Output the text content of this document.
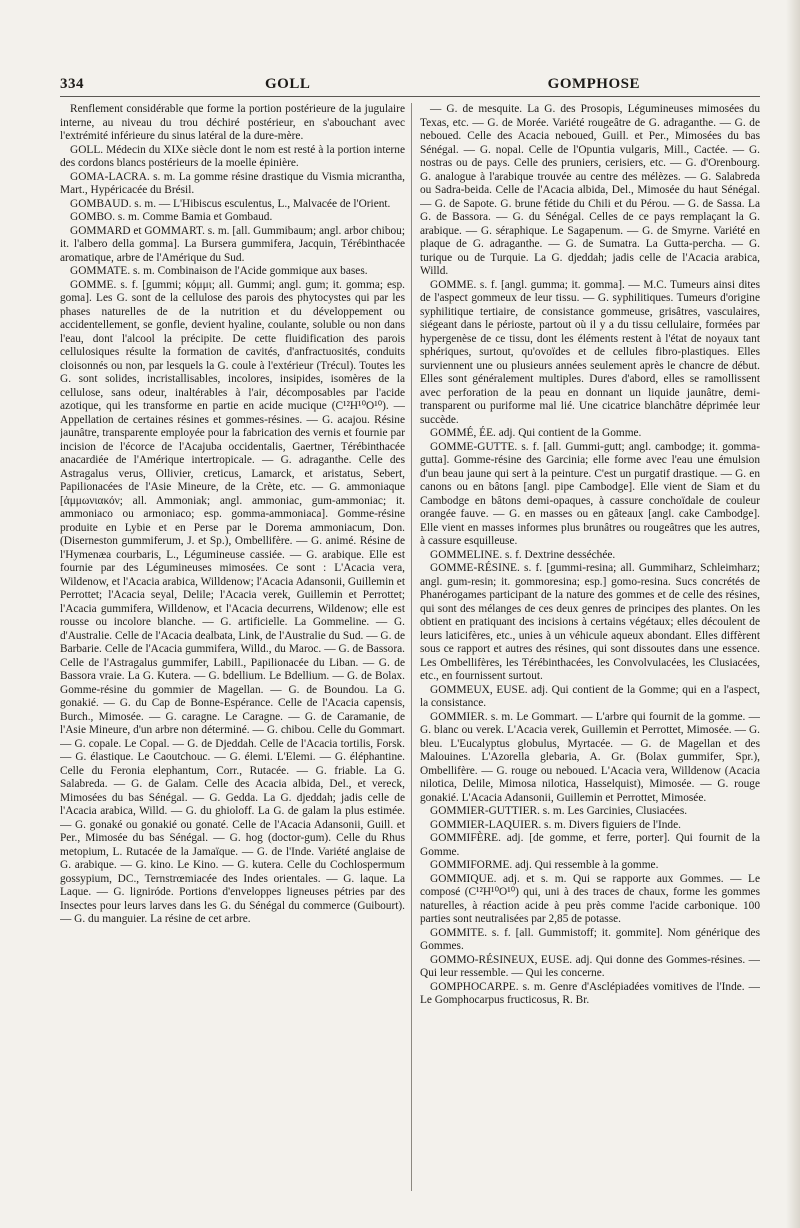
334	GOLL	GOMPHOSE

Renflement considérable que forme la portion postérieure de la jugulaire interne, au niveau du trou déchiré postérieur, en s'abouchant avec l'extrémité inférieure du sinus latéral de la dure-mère.

GOLL. Médecin du XIXe siècle dont le nom est resté à la portion interne des cordons blancs postérieurs de la moelle épinière.

GOMA-LACRA. s. m. La gomme résine drastique du Vismia micrantha, Mart., Hypéricacée du Brésil.

GOMBAUD. s. m. — L'Hibiscus esculentus, L., Malvacée de l'Orient.

GOMBO. s. m. Comme Bamia et Gombaud.

GOMMARD et GOMMART. s. m. [all. Gummibaum; angl. arbor chibou; it. l'albero della gomma]. La Bursera gummifera, Jacquin, Térébinthacée aromatique, arbre de l'Amérique du Sud.

GOMMATE. s. m. Combinaison de l'Acide gommique aux bases.

GOMME. s. f. [gummi; κόμμι; all. Gummi; angl. gum; it. gomma; esp. goma]. Les G. sont de la cellulose des parois des phytocystes qui par les phases naturelles de de la nutrition et du développement ou accidentellement, se gonfle, devient hyaline, coulante, soluble ou non dans l'eau, dont l'alcool la précipite. De cette fluidification des parois cellulosiques résulte la formation de cavités, d'anfractuosités, conduits cloisonnés ou non, par lesquels la G. coule à l'extérieur (Trécul). Toutes les G. sont solides, incristallisables, incolores, insipides, isomères de la cellulose, sans odeur, inaltérables à l'air, décomposables par l'acide azotique, qui les transforme en partie en acide mucique (C¹²H¹⁰O¹⁰). — Appellation de certaines résines et gommes-résines. — G. acajou. Résine jaunâtre, transparente employée pour la fabrication des vernis et fournie par incision de l'écorce de l'Acajuba occidentalis, Gaertner, Térébinthacée anacardiée de l'Amérique intertropicale. — G. adraganthe. Celle des Astragalus verus, Ollivier, creticus, Lamarck, et aristatus, Sebert, Papilionacées de l'Asie Mineure, de la Crète, etc. — G. ammoniaque [ἀμμωνιακόν; all. Ammoniak; angl. ammoniac, gum-ammoniac; it. ammoniaco ou armoniaco; esp. gomma-ammoniaca]. Gomme-résine produite en Lybie et en Perse par le Dorema ammoniacum, Don. (Diserneston gummiferum, J. et Sp.), Ombellifère. — G. animé. Résine de l'Hymenæa courbaris, L., Légumineuse cassiée. — G. arabique. Elle est fournie par des Légumineuses mimosées. Ce sont : L'Acacia vera, Wildenow, et l'Acacia arabica, Willdenow; l'Acacia Adansonii, Guillemin et Perrottet; l'Acacia seyal, Delile; l'Acacia verek, Guillemin et Perrottet; l'Acacia gummifera, Willdenow, et l'Acacia decurrens, Wildenow; elle est rousse ou incolore blanche. — G. artificielle. La Gommeline. — G. d'Australie. Celle de l'Acacia dealbata, Link, de l'Australie du Sud. — G. de Barbarie. Celle de l'Acacia gummifera, Willd., du Maroc. — G. de Bassora. Celle de l'Astragalus gummifer, Labill., Papilionacée du Liban. — G. de Bassora vraie. La G. Kutera. — G. bdellium. Le Bdellium. — G. de Bolax. Gomme-résine du gommier de Magellan. — G. de Boundou. La G. gonakié. — G. du Cap de Bonne-Espérance. Celle de l'Acacia capensis, Burch., Mimosée. — G. caragne. Le Caragne. — G. de Caramanie, de l'Asie Mineure, d'un arbre non déterminé. — G. chibou. Celle du Gommart. — G. copale. Le Copal. — G. de Djeddah. Celle de l'Acacia tortilis, Forsk. — G. élastique. Le Caoutchouc. — G. élemi. L'Elemi. — G. éléphantine. Celle du Feronia elephantum, Corr., Rutacée. — G. friable. La G. Salabreda. — G. de Galam. Celle des Acacia albida, Del., et vereck, Mimosées du bas Sénégal. — G. Gedda. La G. djeddah; jadis celle de l'Acacia arabica, Willd. — G. du ghioloff. La G. de galam la plus estimée. — G. gonaké ou gonakié ou gonaté. Celle de l'Acacia Adansonii, Guill. et Per., Mimosée du bas Sénégal. — G. hog (doctor-gum). Celle du Rhus metopium, L. Rutacée de la Jamaïque. — G. de l'Inde. Variété anglaise de G. arabique. — G. kino. Le Kino. — G. kutera. Celle du Cochlospermum gossypium, DC., Ternstrœmiacée des Indes orientales. — G. laque. La Laque. — G. ligniróde. Portions d'enveloppes ligneuses pétries par des Insectes pour leurs larves dans les G. du Sénégal du commerce (Guibourt). — G. du manguier. La résine de cet arbre.

— G. de mesquite. La G. des Prosopis, Légumineuses mimosées du Texas, etc. — G. de Morée. Variété rougeâtre de G. adraganthe. — G. de neboued. Celle des Acacia neboued, Guill. et Per., Mimosées du bas Sénégal. — G. nopal. Celle de l'Opuntia vulgaris, Mill., Cactée. — G. nostras ou de pays. Celle des pruniers, cerisiers, etc. — G. d'Orenbourg. G. analogue à l'arabique trouvée au centre des mélèzes. — G. Salabreda ou Sadra-beida. Celle de l'Acacia albida, Del., Mimosée du haut Sénégal. — G. de Sapote. G. brune fétide du Chili et du Pérou. — G. de Sassa. La G. de Bassora. — G. du Sénégal. Celles de ce pays remplaçant la G. arabique. — G. séraphique. Le Sagapenum. — G. de Smyrne. Variété en plaque de G. adraganthe. — G. de Sumatra. La Gutta-percha. — G. turique ou de Turquie. La G. djeddah; jadis celle de l'Acacia arabica, Willd.

GOMME. s. f. [angl. gumma; it. gomma]. — M.C. Tumeurs ainsi dites de l'aspect gommeux de leur tissu. — G. syphilitiques. Tumeurs d'origine syphilitique tertiaire, de consistance gommeuse, grisâtres, vasculaires, siégeant dans le périoste, partout où il y a du tissu cellulaire, formées par hypergenèse de ce tissu, dont les éléments restent à l'état de noyaux tant sphériques, surtout, qu'ovoïdes et de cellules fibro-plastiques. Elles surviennent une ou plusieurs années seulement après le chancre de début. Elles sont généralement multiples. Dures d'abord, elles se ramollissent avec perforation de la peau en donnant un liquide jaunâtre, demi-transparent ou puriforme mal lié. Une cicatrice blanchâtre déprimée leur succède.

GOMMÉ, ÉE. adj. Qui contient de la Gomme.

GOMME-GUTTE. s. f. [all. Gummi-gutt; angl. cambodge; it. gomma-gutta]. Gomme-résine des Garcinia; elle forme avec l'eau une émulsion d'un beau jaune qui sert à la peinture. C'est un purgatif drastique. — G. en canons ou en bâtons [angl. pipe Cambodge]. Elle vient de Siam et du Cambodge en bâtons demi-opaques, à cassure conchoïdale de couleur orangée fauve. — G. en masses ou en gâteaux [angl. cake Cambodge]. Elle vient en masses informes plus brunâtres ou rougeâtres que les autres, à cassure esquilleuse.

GOMMELINE. s. f. Dextrine desséchée.

GOMME-RÉSINE. s. f. [gummi-resina; all. Gummiharz, Schleimharz; angl. gum-resin; it. gommoresina; esp.] gomo-resina. Sucs concrétés de Phanérogames participant de la nature des gommes et de celle des résines, qui sont des mélanges de ces deux genres de principes des plantes. On les obtient en pratiquant des incisions à certains végétaux; elles découlent de leurs laticifères, etc., unies à un véhicule aqueux abondant. Elles diffèrent sous ce rapport et autres des résines, qui sont dissoutes dans une essence. Les Ombellifères, les Térébinthacées, les Convolvulacées, les Clusiacées, etc., en fournissent surtout.

GOMMEUX, EUSE. adj. Qui contient de la Gomme; qui en a l'aspect, la consistance.

GOMMIER. s. m. Le Gommart. — L'arbre qui fournit de la gomme. — G. blanc ou verek. L'Acacia verek, Guillemin et Perrottet, Mimosée. — G. bleu. L'Eucalyptus globulus, Myrtacée. — G. de Magellan et des Malouines. L'Azorella glebaria, A. Gr. (Bolax gummifer, Spr.), Ombellifère. — G. rouge ou neboued. L'Acacia vera, Willdenow (Acacia nilotica, Delile, Mimosa nilotica, Hasselquist), Mimosée. — G. rouge gonakié. L'Acacia Adansonii, Guillemin et Perrottet, Mimosée.

GOMMIER-GUTTIER. s. m. Les Garcinies, Clusiacées.

GOMMIER-LAQUIER. s. m. Divers figuiers de l'Inde.

GOMMIFÈRE. adj. [de gomme, et ferre, porter]. Qui fournit de la Gomme.

GOMMIFORME. adj. Qui ressemble à la gomme.

GOMMIQUE. adj. et s. m. Qui se rapporte aux Gommes. — Le composé (C¹²H¹⁰O¹⁰) qui, uni à des traces de chaux, forme les gommes naturelles, à réaction acide à peu près comme l'acide carbonique. 100 parties sont neutralisées par 2,85 de potasse.

GOMMITE. s. f. [all. Gummistoff; it. gommite]. Nom générique des Gommes.

GOMMO-RÉSINEUX, EUSE. adj. Qui donne des Gommes-résines. — Qui leur ressemble. — Qui les concerne.

GOMPHOCARPE. s. m. Genre d'Asclépiadées vomitives de l'Inde. — Le Gomphocarpus fructicosus, R. Br.
